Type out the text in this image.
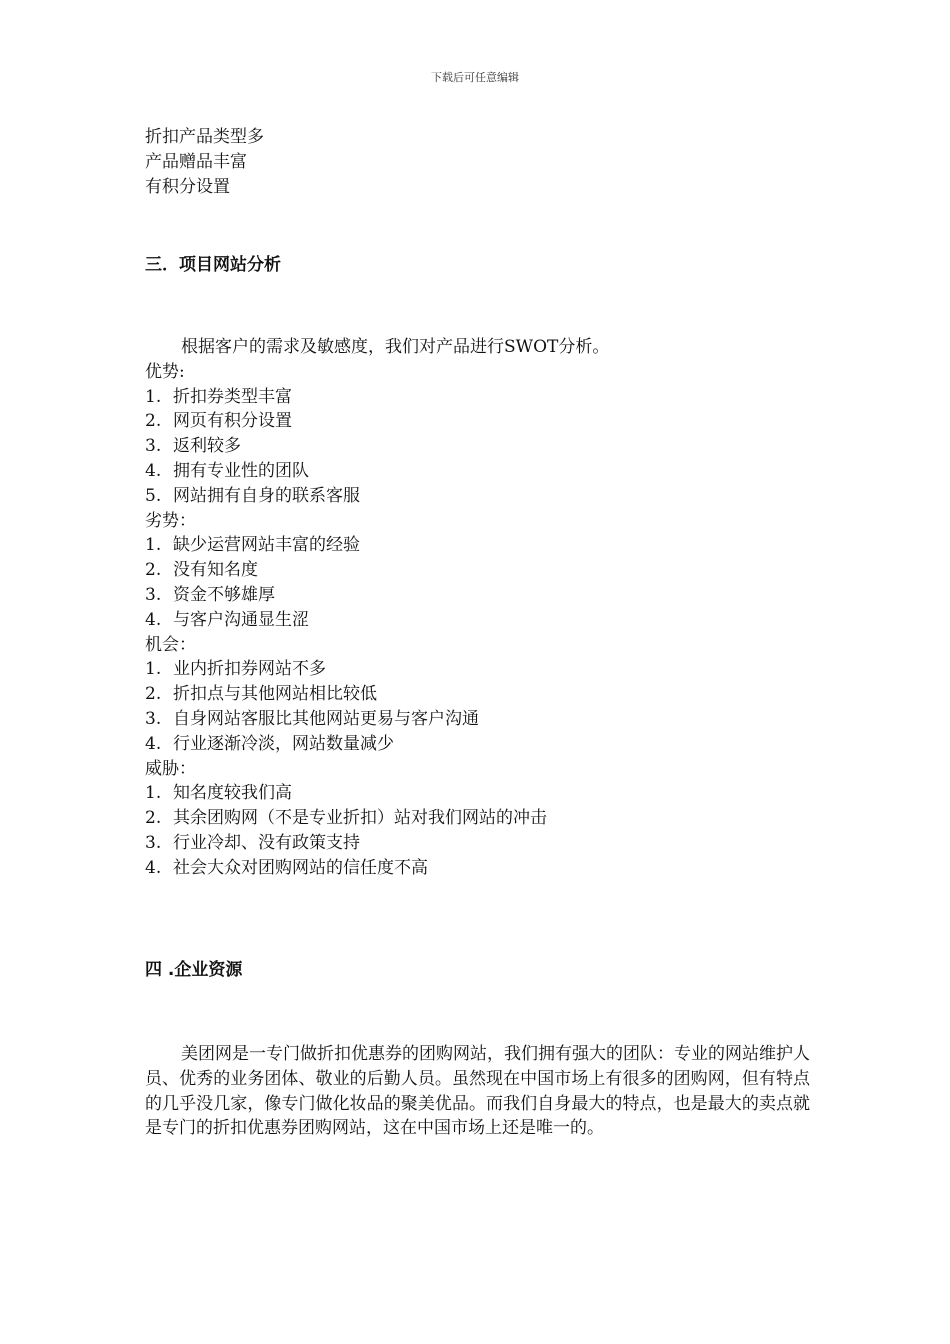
下载后可任意编辑
折扣产品类型多
产品赠品丰富
有积分设置
三．项目网站分析
根据客户的需求及敏感度，我们对产品进行SWOT分析。
优势:
1. 折扣券类型丰富
2. 网页有积分设置
3. 返利较多
4. 拥有专业性的团队
5. 网站拥有自身的联系客服
劣势：
1. 缺少运营网站丰富的经验
2. 没有知名度
3. 资金不够雄厚
4. 与客户沟通显生涩
机会：
1. 业内折扣券网站不多
2. 折扣点与其他网站相比较低
3. 自身网站客服比其他网站更易与客户沟通
4. 行业逐渐冷淡，网站数量减少
威胁：
1. 知名度较我们高
2. 其余团购网（不是专业折扣）站对我们网站的冲击
3. 行业冷却、没有政策支持
4. 社会大众对团购网站的信任度不高
四 .企业资源

美团网是一专门做折扣优惠券的团购网站，我们拥有强大的团队：专业的网站维护人员、优秀的业务团体、敬业的后勤人员。虽然现在中国市场上有很多的团购网，但有特点的几乎没几家，像专门做化妆品的聚美优品。而我们自身最大的特点，也是最大的卖点就是专门的折扣优惠券团购网站，这在中国市场上还是唯一的。
